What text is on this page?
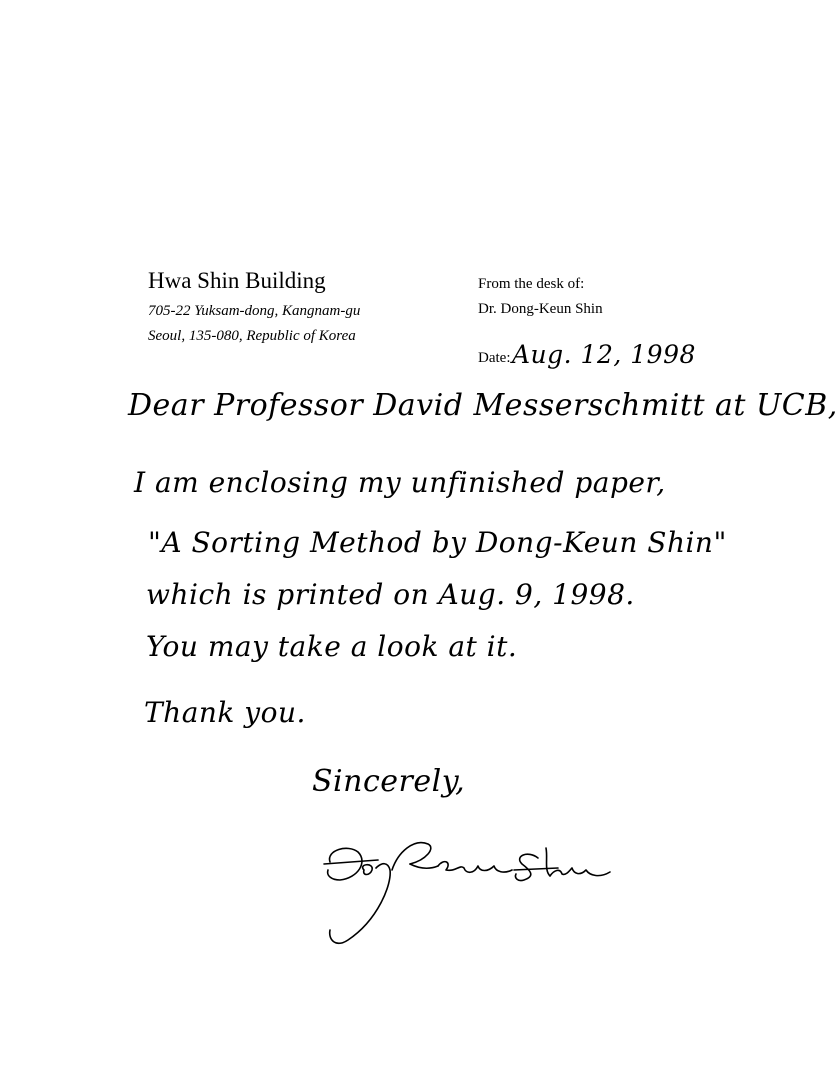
Hwa Shin Building
705-22 Yuksam-dong, Kangnam-gu
Seoul, 135-080, Republic of Korea
From the desk of:
Dr. Dong-Keun Shin
Date: Aug. 12, 1998
Dear Professor David Messerschmitt at UCB,
I am enclosing my unfinished paper,
"A Sorting Method by Dong-Keun Shin"
which is printed on Aug. 9, 1998.
You may take a look at it.
Thank you.
Sincerely,
